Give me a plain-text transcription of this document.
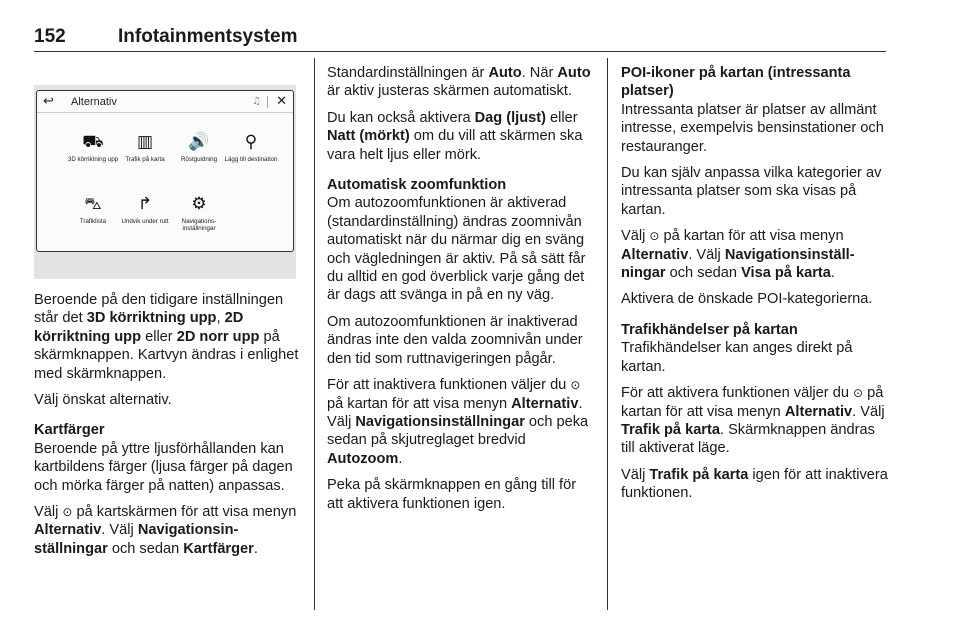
152	Infotainmentsystem
↩	Alternativ	♫ ✕
⛟
3D körriktning upp
▥
Trafik på karta
🔊
Röstguidning
⚲
Lägg till destination
⛍
Trafiklista
↱
Undvik under rutt
⚙
Navigations-inställningar

Beroende på den tidigare inställningen står det 3D körriktning upp, 2D körriktning upp eller 2D norr upp på skärmknappen. Kartvyn ändras i enlighet med skärmknappen.

Välj önskat alternativ.

Kartfärger

Beroende på yttre ljusförhållanden kan kartbildens färger (ljusa färger på dagen och mörka färger på natten) anpassas.

Välj ⊙ på kartskärmen för att visa menyn Alternativ. Välj Navigationsinställningar och sedan Kartfärger.

Standardinställningen är Auto. När Auto är aktiv justeras skärmen automatiskt.

Du kan också aktivera Dag (ljust) eller Natt (mörkt) om du vill att skärmen ska vara helt ljus eller mörk.

Automatisk zoomfunktion

Om autozoomfunktionen är aktiverad (standardinställning) ändras zoomnivån automatiskt när du närmar dig en sväng och vägledningen är aktiv. På så sätt får du alltid en god överblick varje gång det är dags att svänga in på en ny väg.

Om autozoomfunktionen är inaktiverad ändras inte den valda zoomnivån under den tid som ruttnavigeringen pågår.

För att inaktivera funktionen väljer du ⊙ på kartan för att visa menyn Alternativ. Välj Navigationsinställningar och peka sedan på skjutreglaget bredvid Autozoom.

Peka på skärmknappen en gång till för att aktivera funktionen igen.

POI-ikoner på kartan (intressanta platser)

Intressanta platser är platser av allmänt intresse, exempelvis bensinstationer och restauranger.

Du kan själv anpassa vilka kategorier av intressanta platser som ska visas på kartan.

Välj ⊙ på kartan för att visa menyn Alternativ. Välj Navigationsinställningar och sedan Visa på karta.

Aktivera de önskade POI-kategorierna.

Trafikhändelser på kartan

Trafikhändelser kan anges direkt på kartan.

För att aktivera funktionen väljer du ⊙ på kartan för att visa menyn Alternativ. Välj Trafik på karta. Skärmknappen ändras till aktiverat läge.

Välj Trafik på karta igen för att inaktivera funktionen.
